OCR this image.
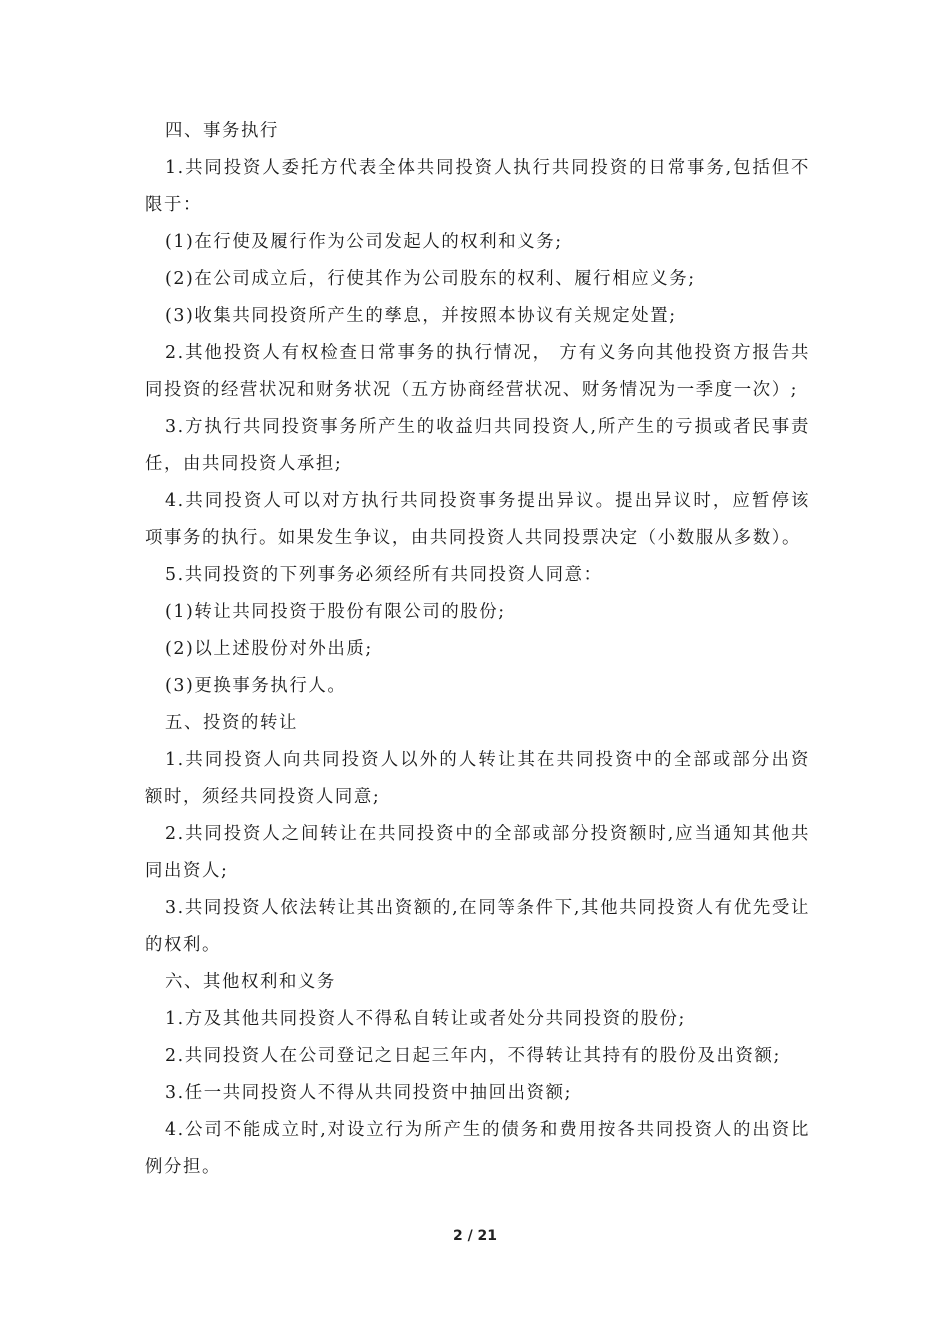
四、事务执行

1.共同投资人委托方代表全体共同投资人执行共同投资的日常事务,包括但不限于：

(1)在行使及履行作为公司发起人的权利和义务;

(2)在公司成立后，行使其作为公司股东的权利、履行相应义务;

(3)收集共同投资所产生的孳息，并按照本协议有关规定处置;

2.其他投资人有权检查日常事务的执行情况， 方有义务向其他投资方报告共同投资的经营状况和财务状况（五方协商经营状况、财务情况为一季度一次）;

3.方执行共同投资事务所产生的收益归共同投资人,所产生的亏损或者民事责任，由共同投资人承担;

4.共同投资人可以对方执行共同投资事务提出异议。提出异议时，应暂停该项事务的执行。如果发生争议，由共同投资人共同投票决定（小数服从多数）。

5.共同投资的下列事务必须经所有共同投资人同意：

(1)转让共同投资于股份有限公司的股份;

(2)以上述股份对外出质;

(3)更换事务执行人。

五、投资的转让

1.共同投资人向共同投资人以外的人转让其在共同投资中的全部或部分出资额时，须经共同投资人同意;

2.共同投资人之间转让在共同投资中的全部或部分投资额时,应当通知其他共同出资人;

3.共同投资人依法转让其出资额的,在同等条件下,其他共同投资人有优先受让的权利。

六、其他权利和义务

1.方及其他共同投资人不得私自转让或者处分共同投资的股份;

2.共同投资人在公司登记之日起三年内，不得转让其持有的股份及出资额;

3.任一共同投资人不得从共同投资中抽回出资额;

4.公司不能成立时,对设立行为所产生的债务和费用按各共同投资人的出资比例分担。

2 / 21
